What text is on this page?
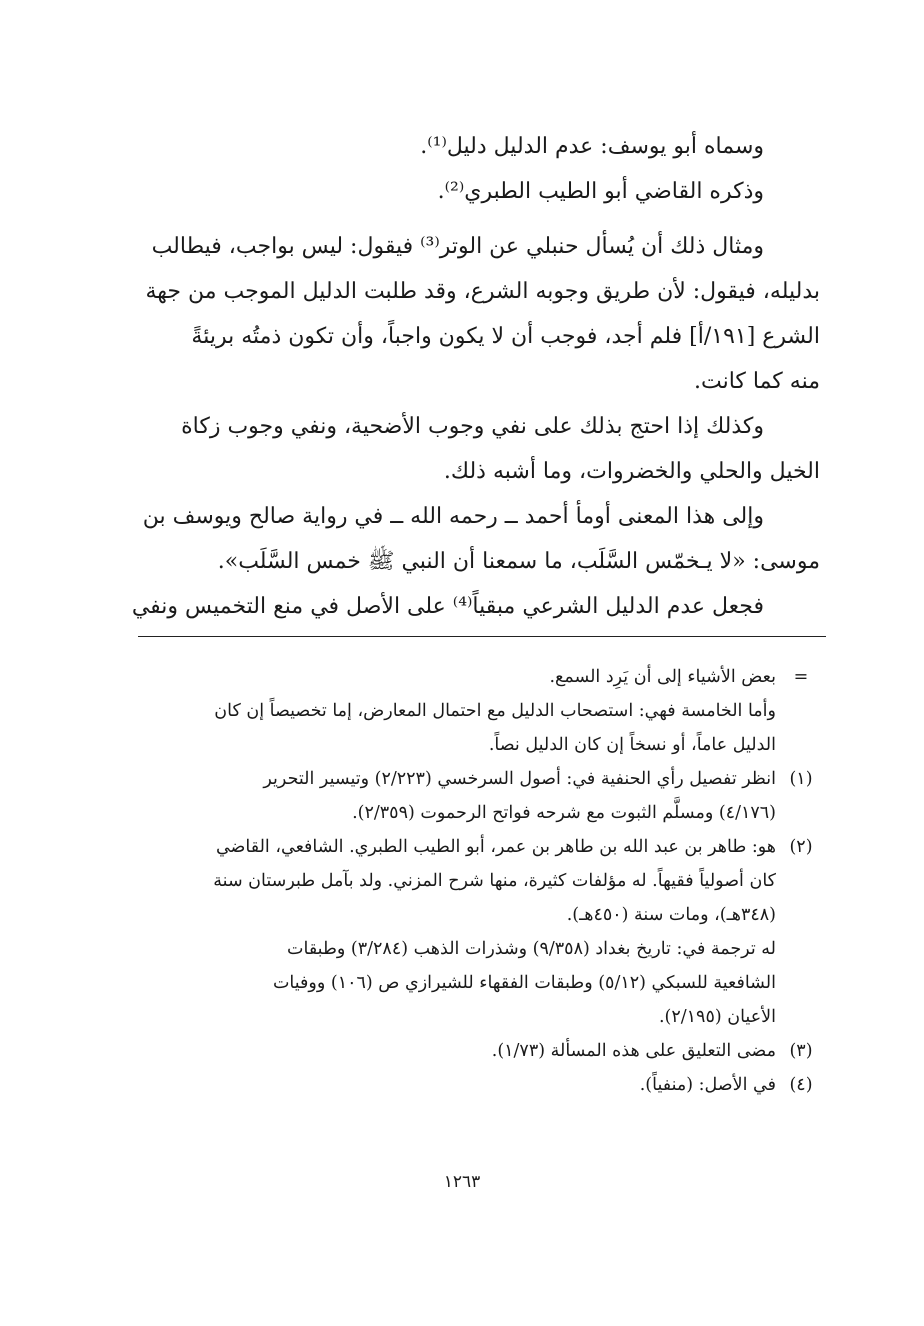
وسماه أبو يوسف: عدم الدليل دليل⁽¹⁾.
وذكره القاضي أبو الطيب الطبري⁽²⁾.
ومثال ذلك أن يُسأل حنبلي عن الوتر⁽³⁾ فيقول: ليس بواجب، فيطالب
بدليله، فيقول: لأن طريق وجوبه الشرع، وقد طلبت الدليل الموجب من جهة
الشرع [١٩١/أ] فلم أجد، فوجب أن لا يكون واجباً، وأن تكون ذمتُه بريئةً
منه كما كانت.
وكذلك إذا احتج بذلك على نفي وجوب الأضحية، ونفي وجوب زكاة
الخيل والحلي والخضروات، وما أشبه ذلك.
وإلى هذا المعنى أومأ أحمد ــ رحمه الله ــ في رواية صالح ويوسف بن
موسى: «لا يـخمّس السَّلَب، ما سمعنا أن النبي ﷺ خمس السَّلَب».
فجعل عدم الدليل الشرعي مبقياً⁽⁴⁾ على الأصل في منع التخميس ونفي
=
بعض الأشياء إلى أن يَرِد السمع.
وأما الخامسة فهي: استصحاب الدليل مع احتمال المعارض، إما تخصيصاً إن كان
الدليل عاماً، أو نسخاً إن كان الدليل نصاً.
(١)
انظر تفصيل رأي الحنفية في: أصول السرخسي (٢/٢٢٣) وتيسير التحرير
(٤/١٧٦) ومسلَّم الثبوت مع شرحه فواتح الرحموت (٢/٣٥٩).
(٢)
هو: طاهر بن عبد الله بن طاهر بن عمر، أبو الطيب الطبري. الشافعي، القاضي
كان أصولياً فقيهاً. له مؤلفات كثيرة، منها شرح المزني. ولد بآمل طبرستان سنة
(٣٤٨هـ)، ومات سنة (٤٥٠هـ).
له ترجمة في: تاريخ بغداد (٩/٣٥٨) وشذرات الذهب (٣/٢٨٤) وطبقات
الشافعية للسبكي (٥/١٢) وطبقات الفقهاء للشيرازي ص (١٠٦) ووفيات
الأعيان (٢/١٩٥).
(٣)
مضى التعليق على هذه المسألة (١/٧٣).
(٤)
في الأصل: (منفياً).
١٢٦٣
